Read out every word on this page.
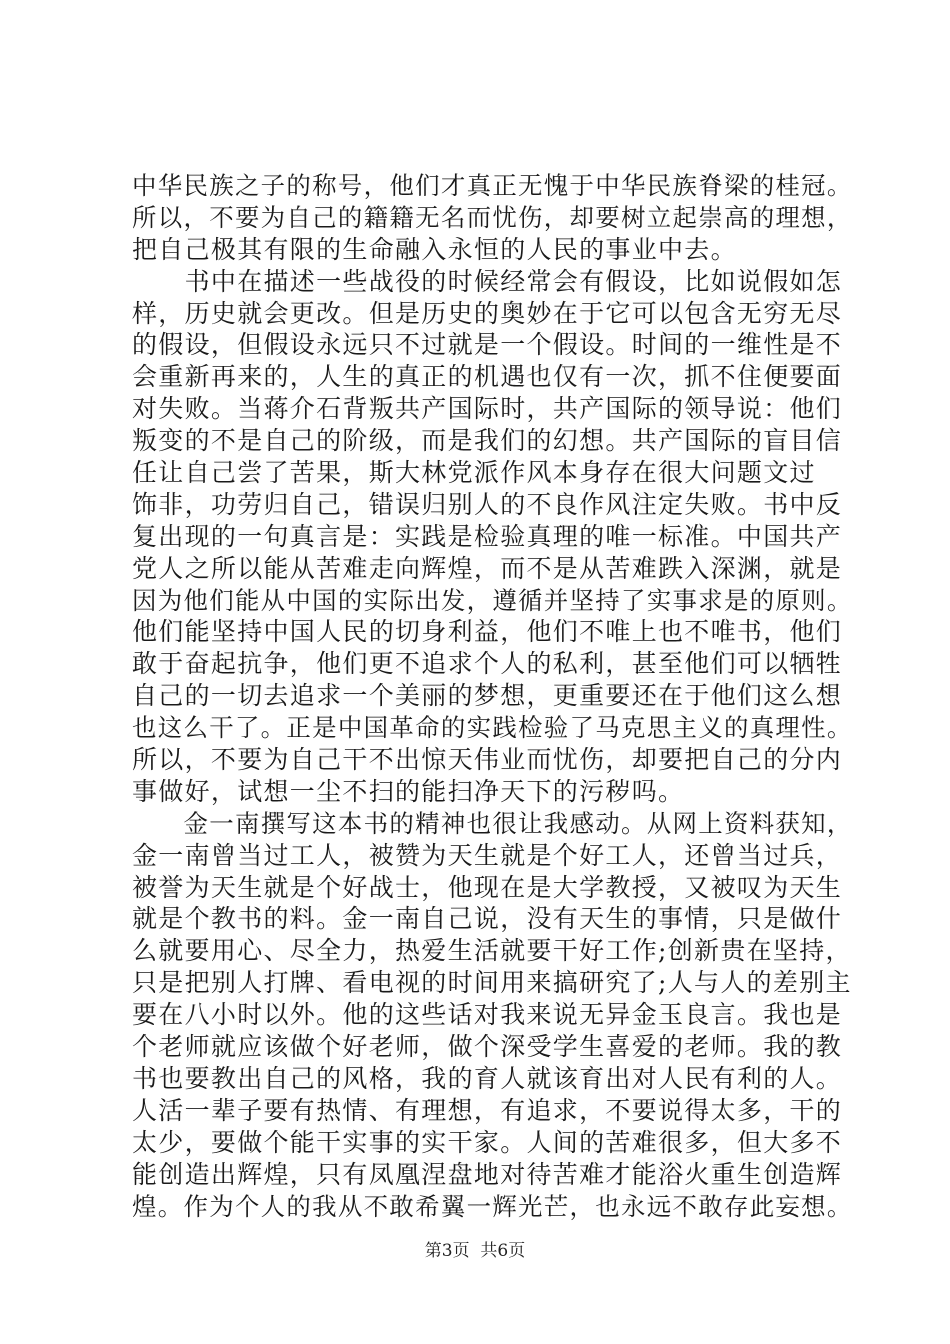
中华民族之子的称号，他们才真正无愧于中华民族脊梁的桂冠。
所以，不要为自己的籍籍无名而忧伤，却要树立起崇高的理想，
把自己极其有限的生命融入永恒的人民的事业中去。
　　书中在描述一些战役的时候经常会有假设，比如说假如怎
样，历史就会更改。但是历史的奥妙在于它可以包含无穷无尽
的假设，但假设永远只不过就是一个假设。时间的一维性是不
会重新再来的，人生的真正的机遇也仅有一次，抓不住便要面
对失败。当蒋介石背叛共产国际时，共产国际的领导说：他们
叛变的不是自己的阶级，而是我们的幻想。共产国际的盲目信
任让自己尝了苦果，斯大林党派作风本身存在很大问题文过
饰非，功劳归自己，错误归别人的不良作风注定失败。书中反
复出现的一句真言是：实践是检验真理的唯一标准。中国共产
党人之所以能从苦难走向辉煌，而不是从苦难跌入深渊，就是
因为他们能从中国的实际出发，遵循并坚持了实事求是的原则。
他们能坚持中国人民的切身利益，他们不唯上也不唯书，他们
敢于奋起抗争，他们更不追求个人的私利，甚至他们可以牺牲
自己的一切去追求一个美丽的梦想，更重要还在于他们这么想
也这么干了。正是中国革命的实践检验了马克思主义的真理性。
所以，不要为自己干不出惊天伟业而忧伤，却要把自己的分内
事做好，试想一尘不扫的能扫净天下的污秽吗。
　　金一南撰写这本书的精神也很让我感动。从网上资料获知，
金一南曾当过工人，被赞为天生就是个好工人，还曾当过兵，
被誉为天生就是个好战士，他现在是大学教授，又被叹为天生
就是个教书的料。金一南自己说，没有天生的事情，只是做什
么就要用心、尽全力，热爱生活就要干好工作;创新贵在坚持，
只是把别人打牌、看电视的时间用来搞研究了;人与人的差别主
要在八小时以外。他的这些话对我来说无异金玉良言。我也是
个老师就应该做个好老师，做个深受学生喜爱的老师。我的教
书也要教出自己的风格，我的育人就该育出对人民有利的人。
人活一辈子要有热情、有理想，有追求，不要说得太多，干的
太少，要做个能干实事的实干家。人间的苦难很多，但大多不
能创造出辉煌，只有凤凰涅盘地对待苦难才能浴火重生创造辉
煌。作为个人的我从不敢希翼一辉光芒，也永远不敢存此妄想。
第3页  共6页
